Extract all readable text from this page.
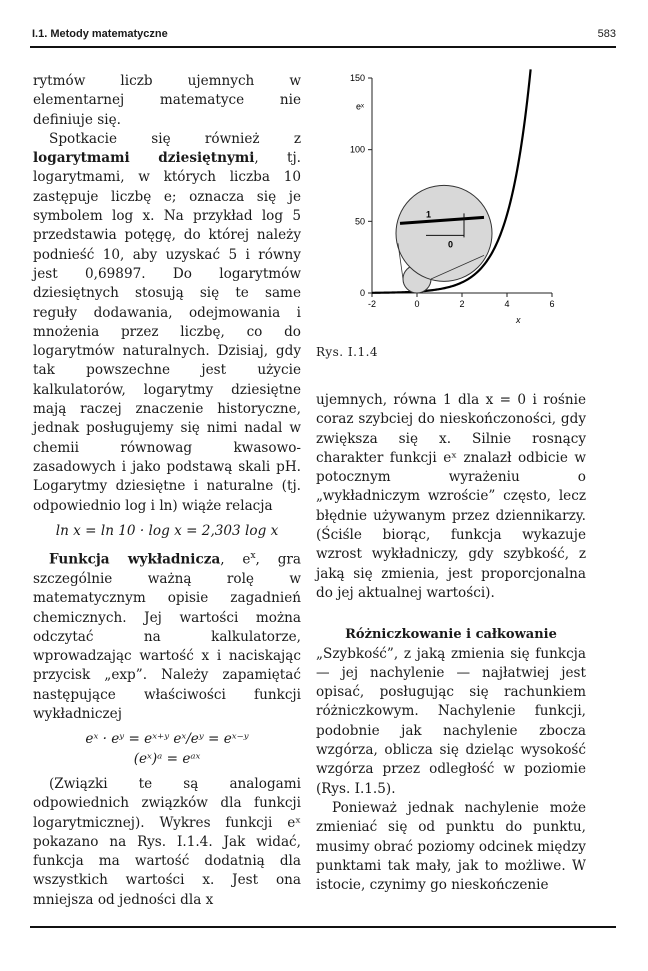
I.1. Metody matematyczne	583

rytmów liczb ujemnych w elementarnej matematyce nie definiuje się.

Spotkacie się również z logarytmami dziesiętnymi, tj. logarytmami, w których liczba 10 zastępuje liczbę e; oznacza się je symbolem log x. Na przykład log 5 przedstawia potęgę, do której należy podnieść 10, aby uzyskać 5 i równy jest 0,69897. Do logarytmów dziesiętnych stosują się te same reguły dodawania, odejmowania i mnożenia przez liczbę, co do logarytmów naturalnych. Dzisiaj, gdy tak powszechne jest użycie kalkulatorów, logarytmy dziesiętne mają raczej znaczenie historyczne, jednak posługujemy się nimi nadal w chemii równowag kwasowo-zasadowych i jako podstawą skali pH. Logarytmy dziesiętne i naturalne (tj. odpowiednio log i ln) wiąże relacja

ln x = ln 10 · log x = 2,303 log x

Funkcja wykładnicza, $e^x$, gra szczególnie ważną rolę w matematycznym opisie zagadnień chemicznych. Jej wartości można odczytać na kalkulatorze, wprowadzając wartość x i naciskając przycisk „exp”. Należy zapamiętać następujące właściwości funkcji wykładniczej

eˣ · eʸ = eˣ⁺ʸ eˣ/eʸ = eˣ⁻ʸ

(eˣ)ᵃ = eᵃˣ

(Związki te są analogami odpowiednich związków dla funkcji logarytmicznej). Wykres funkcji eˣ pokazano na Rys. I.1.4. Jak widać, funkcja ma wartość dodatnią dla wszystkich wartości x. Jest ona mniejsza od jedności dla x

-2	0	2	4	6
0
50
100
150
eˣ
x
1
0
Rys. I.1.4

ujemnych, równa 1 dla x = 0 i rośnie coraz szybciej do nieskończoności, gdy zwiększa się x. Silnie rosnący charakter funkcji eˣ znalazł odbicie w potocznym wyrażeniu o „wykładniczym wzroście” często, lecz błędnie używanym przez dziennikarzy. (Ściśle biorąc, funkcja wykazuje wzrost wykładniczy, gdy szybkość, z jaką się zmienia, jest proporcjonalna do jej aktualnej wartości).

Różniczkowanie i całkowanie

„Szybkość”, z jaką zmienia się funkcja — jej nachylenie — najłatwiej jest opisać, posługując się rachunkiem różniczkowym. Nachylenie funkcji, podobnie jak nachylenie zbocza wzgórza, oblicza się dzieląc wysokość wzgórza przez odległość w poziomie (Rys. I.1.5).

Ponieważ jednak nachylenie może zmieniać się od punktu do punktu, musimy obrać poziomy odcinek między punktami tak mały, jak to możliwe. W istocie, czynimy go nieskończenie
